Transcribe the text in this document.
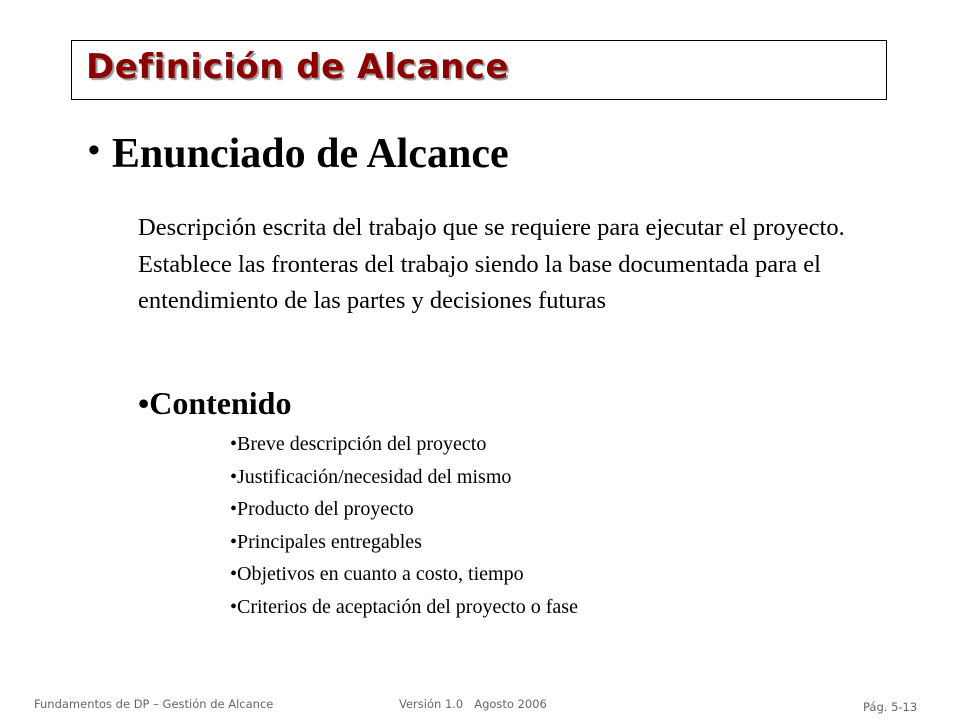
Definición de Alcance
• Enunciado de Alcance
Descripción escrita del trabajo que se requiere para ejecutar el proyecto. Establece las fronteras del trabajo siendo la base documentada para el entendimiento de las partes y decisiones futuras
•Contenido
•Breve descripción del proyecto
•Justificación/necesidad del mismo
•Producto del proyecto
•Principales entregables
•Objetivos en cuanto a costo, tiempo
•Criterios de aceptación del proyecto o fase
Fundamentos de DP – Gestión de Alcance	Versión 1.0   Agosto 2006	Pág. 5-13
